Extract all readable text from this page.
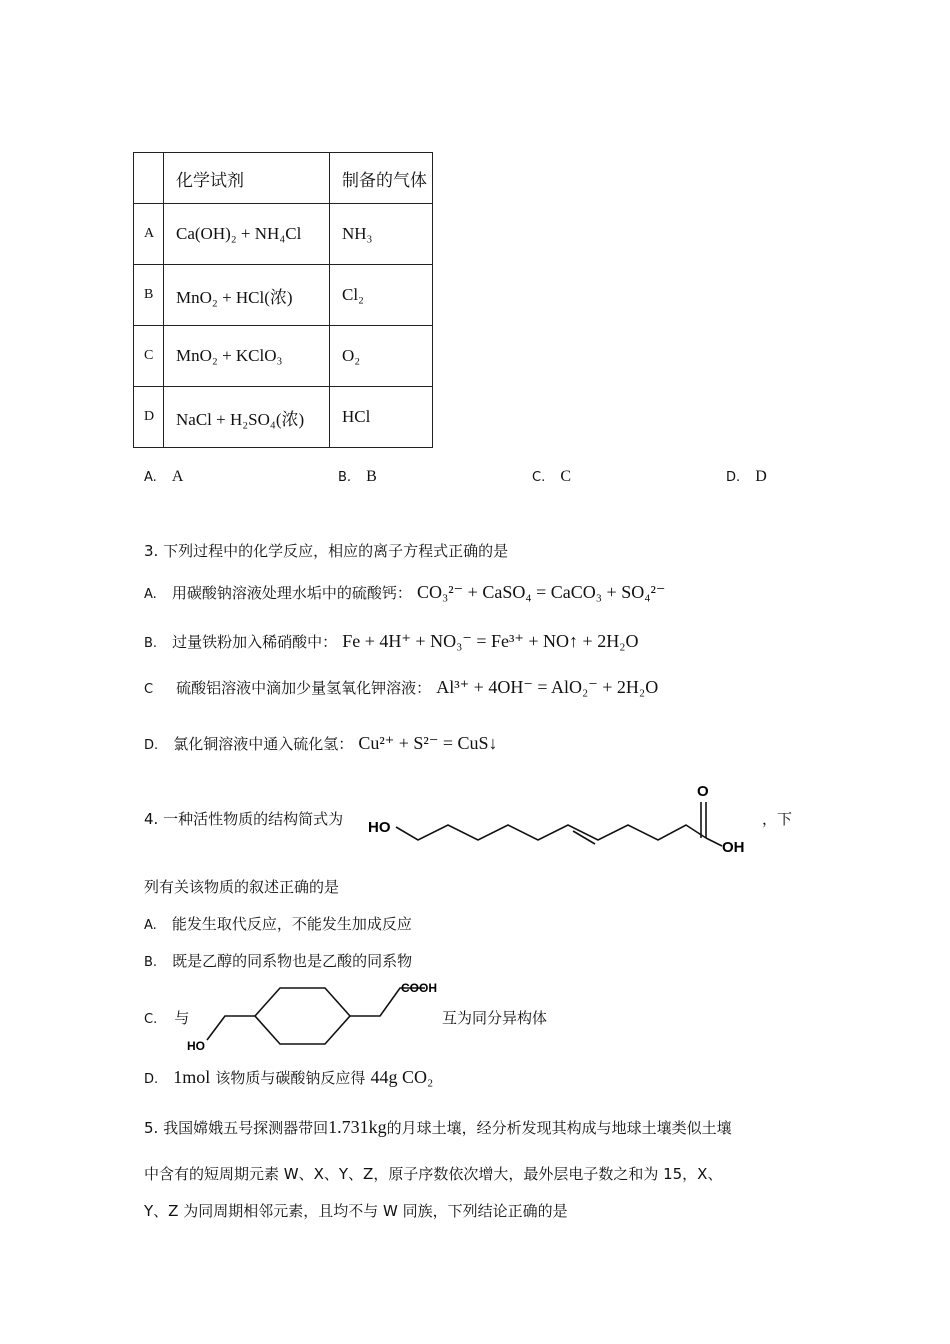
	化学试剂	制备的气体
A	Ca(OH)₂ + NH₄Cl	NH₃
B	MnO₂ + HCl(浓)	Cl₂
C	MnO₂ + KClO₃	O₂
D	NaCl + H₂SO₄(浓)	HCl
A. A	B. B	C. C	D. D
3. 下列过程中的化学反应，相应的离子方程式正确的是
A. 用碳酸钠溶液处理水垢中的硫酸钙： CO₃²⁻ + CaSO₄ = CaCO₃ + SO₄²⁻
B. 过量铁粉加入稀硝酸中： Fe + 4H⁺ + NO₃⁻ = Fe³⁺ + NO↑ + 2H₂O
C 硫酸铝溶液中滴加少量氢氧化钾溶液： Al³⁺ + 4OH⁻ = AlO₂⁻ + 2H₂O
D. 氯化铜溶液中通入硫化氢： Cu²⁺ + S²⁻ = CuS↓
4. 一种活性物质的结构简式为 HO
O
OH
，下
列有关该物质的叙述正确的是
A. 能发生取代反应，不能发生加成反应
B. 既是乙醇的同系物也是乙酸的同系物
C. 与
COOH
HO
互为同分异构体
D. 1mol 该物质与碳酸钠反应得 44g CO₂
5. 我国嫦娥五号探测器带回1.731kg的月球土壤，经分析发现其构成与地球土壤类似土壤
中含有的短周期元素 W、X、Y、Z，原子序数依次增大，最外层电子数之和为 15，X、
Y、Z 为同周期相邻元素，且均不与 W 同族，下列结论正确的是
